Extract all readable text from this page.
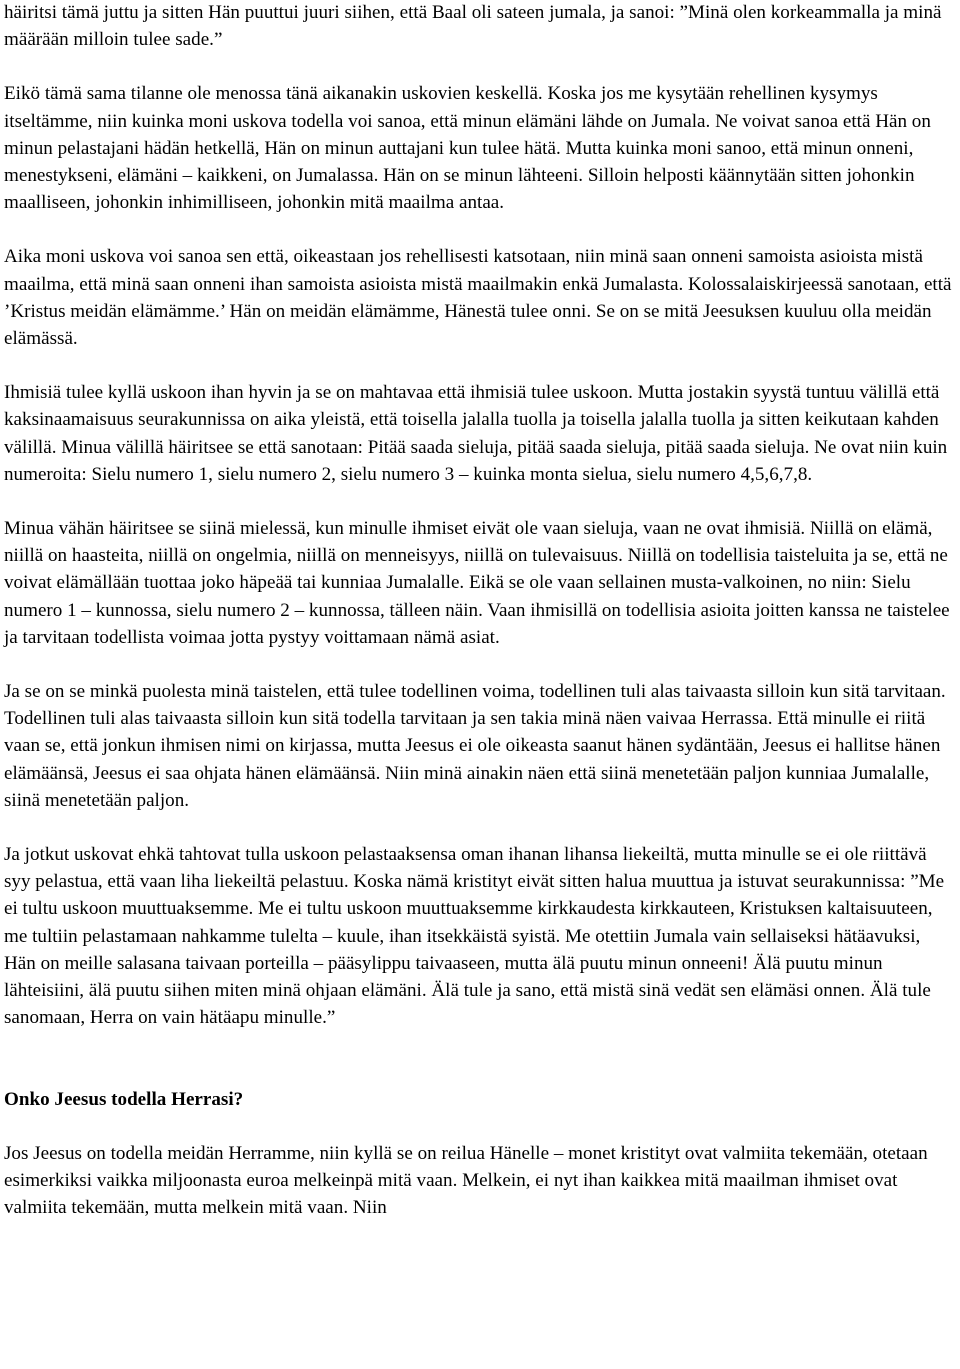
häiritsi tämä juttu ja sitten Hän puuttui juuri siihen, että Baal oli sateen jumala, ja sanoi: ”Minä olen korkeammalla ja minä määrään milloin tulee sade.”

Eikö tämä sama tilanne ole menossa tänä aikanakin uskovien keskellä. Koska jos me kysytään rehellinen kysymys itseltämme, niin kuinka moni uskova todella voi sanoa, että minun elämäni lähde on Jumala. Ne voivat sanoa että Hän on minun pelastajani hädän hetkellä, Hän on minun auttajani kun tulee hätä. Mutta kuinka moni sanoo, että minun onneni, menestykseni, elämäni – kaikkeni, on Jumalassa. Hän on se minun lähteeni. Silloin helposti käännytään sitten johonkin maalliseen, johonkin inhimilliseen, johonkin mitä maailma antaa.

Aika moni uskova voi sanoa sen että, oikeastaan jos rehellisesti katsotaan, niin minä saan onneni samoista asioista mistä maailma, että minä saan onneni ihan samoista asioista mistä maailmakin enkä Jumalasta. Kolossalaiskirjeessä sanotaan, että ’Kristus meidän elämämme.’ Hän on meidän elämämme, Hänestä tulee onni. Se on se mitä Jeesuksen kuuluu olla meidän elämässä.

Ihmisiä tulee kyllä uskoon ihan hyvin ja se on mahtavaa että ihmisiä tulee uskoon. Mutta jostakin syystä tuntuu välillä että kaksinaamaisuus seurakunnissa on aika yleistä, että toisella jalalla tuolla ja toisella jalalla tuolla ja sitten keikutaan kahden välillä. Minua välillä häiritsee se että sanotaan: Pitää saada sieluja, pitää saada sieluja, pitää saada sieluja. Ne ovat niin kuin numeroita: Sielu numero 1, sielu numero 2, sielu numero 3 – kuinka monta sielua, sielu numero 4,5,6,7,8.

Minua vähän häiritsee se siinä mielessä, kun minulle ihmiset eivät ole vaan sieluja, vaan ne ovat ihmisiä. Niillä on elämä, niillä on haasteita, niillä on ongelmia, niillä on menneisyys, niillä on tulevaisuus. Niillä on todellisia taisteluita ja se, että ne voivat elämällään tuottaa joko häpeää tai kunniaa Jumalalle. Eikä se ole vaan sellainen musta-valkoinen, no niin: Sielu numero 1 – kunnossa, sielu numero 2 – kunnossa, tälleen näin. Vaan ihmisillä on todellisia asioita joitten kanssa ne taistelee ja tarvitaan todellista voimaa jotta pystyy voittamaan nämä asiat.

Ja se on se minkä puolesta minä taistelen, että tulee todellinen voima, todellinen tuli alas taivaasta silloin kun sitä tarvitaan. Todellinen tuli alas taivaasta silloin kun sitä todella tarvitaan ja sen takia minä näen vaivaa Herrassa. Että minulle ei riitä vaan se, että jonkun ihmisen nimi on kirjassa, mutta Jeesus ei ole oikeasta saanut hänen sydäntään, Jeesus ei hallitse hänen elämäänsä, Jeesus ei saa ohjata hänen elämäänsä. Niin minä ainakin näen että siinä menetetään paljon kunniaa Jumalalle, siinä menetetään paljon.

Ja jotkut uskovat ehkä tahtovat tulla uskoon pelastaaksensa oman ihanan lihansa liekeiltä, mutta minulle se ei ole riittävä syy pelastua, että vaan liha liekeiltä pelastuu. Koska nämä kristityt eivät sitten halua muuttua ja istuvat seurakunnissa: ”Me ei tultu uskoon muuttuaksemme. Me ei tultu uskoon muuttuaksemme kirkkaudesta kirkkauteen, Kristuksen kaltaisuuteen, me tultiin pelastamaan nahkamme tulelta – kuule, ihan itsekkäistä syistä. Me otettiin Jumala vain sellaiseksi hätäavuksi, Hän on meille salasana taivaan porteilla – pääsylippu taivaaseen, mutta älä puutu minun onneeni! Älä puutu minun lähteisiini, älä puutu siihen miten minä ohjaan elämäni. Älä tule ja sano, että mistä sinä vedät sen elämäsi onnen. Älä tule sanomaan, Herra on vain hätäapu minulle.”

Onko Jeesus todella Herrasi?

Jos Jeesus on todella meidän Herramme, niin kyllä se on reilua Hänelle – monet kristityt ovat valmiita tekemään, otetaan esimerkiksi vaikka miljoonasta euroa melkeinpä mitä vaan. Melkein, ei nyt ihan kaikkea mitä maailman ihmiset ovat valmiita tekemään, mutta melkein mitä vaan. Niin
